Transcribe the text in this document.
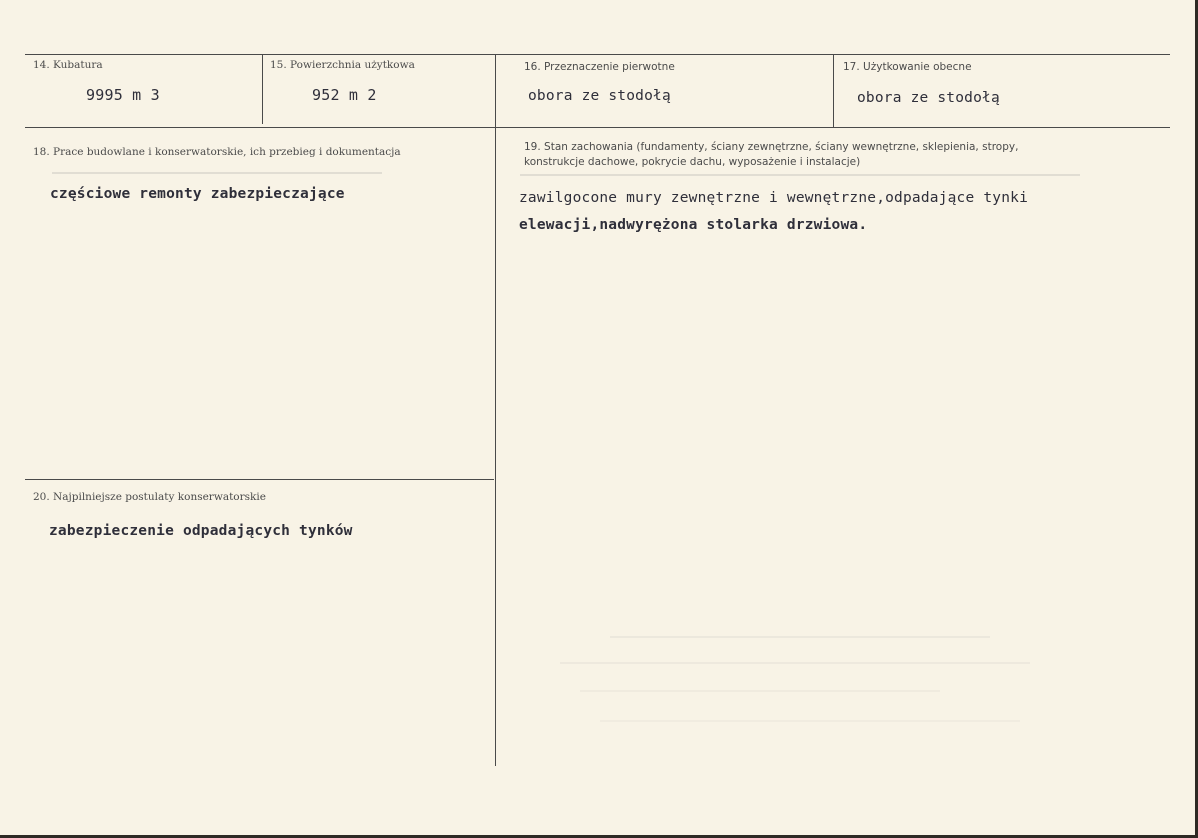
14. Kubatura
9995 m 3
15. Powierzchnia użytkowa
952 m 2
16. Przeznaczenie pierwotne
obora ze stodołą
17. Użytkowanie obecne
obora ze stodołą
18. Prace budowlane i konserwatorskie, ich przebieg i dokumentacja
częściowe remonty zabezpieczające
19. Stan zachowania (fundamenty, ściany zewnętrzne, ściany wewnętrzne, sklepienia, stropy,
konstrukcje dachowe, pokrycie dachu, wyposażenie i instalacje)
zawilgocone mury zewnętrzne i wewnętrzne,odpadające tynki
elewacji,nadwyrężona stolarka drzwiowa.
20. Najpilniejsze postulaty konserwatorskie
zabezpieczenie odpadających tynków
